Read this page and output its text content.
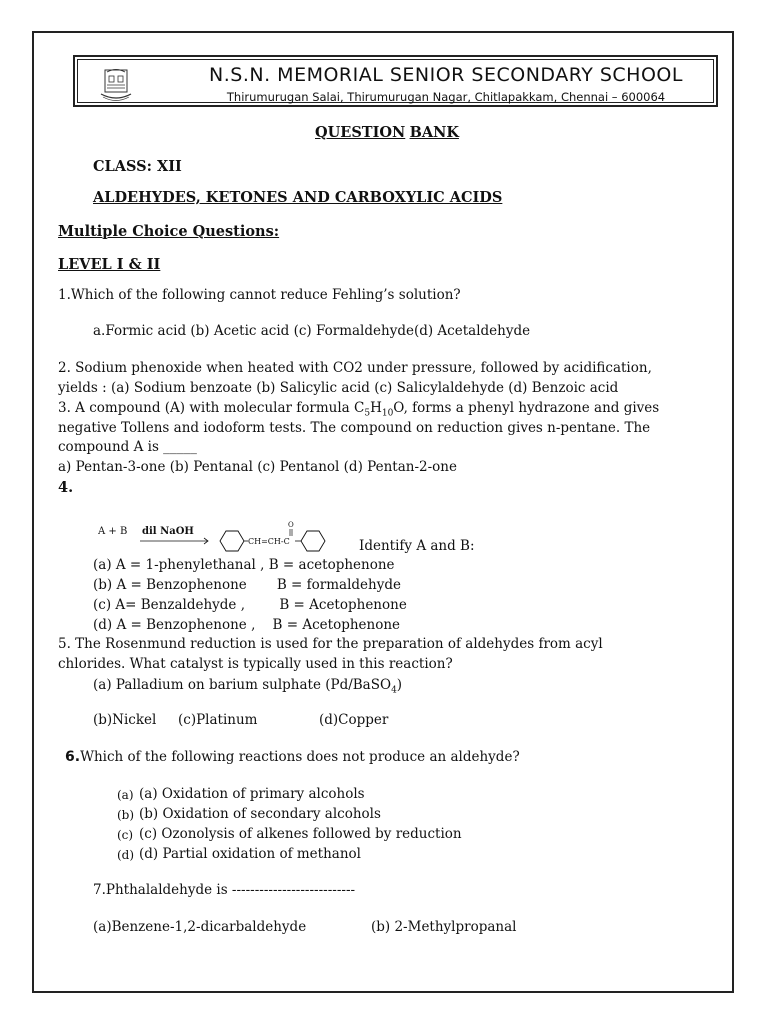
N.S.N. MEMORIAL SENIOR SECONDARY SCHOOL
Thirumurugan Salai, Thirumurugan Nagar, Chitlapakkam, Chennai – 600064
QUESTION BANK
CLASS: XII
ALDEHYDES, KETONES AND CARBOXYLIC ACIDS
Multiple Choice Questions:
LEVEL I & II
1.Which of the following cannot reduce Fehling’s solution?
a.Formic acid (b) Acetic acid (c) Formaldehyde(d) Acetaldehyde
2. Sodium phenoxide when heated with CO2 under pressure, followed by acidification,
yields : (a) Sodium benzoate (b) Salicylic acid (c) Salicylaldehyde (d) Benzoic acid
3. A compound (A) with molecular formula $C_5H_{10}O$, forms a phenyl hydrazone and gives
negative Tollens and iodoform tests. The compound on reduction gives n-pentane. The
compound A is _____
a) Pentan-3-one (b) Pentanal (c) Pentanol (d) Pentan-2-one
4.
A + B dil NaOH
CH=CH-C
O
Identify A and B:
(a) A = 1-phenylethanal , B = acetophenone
(b) A = Benzophenone       B = formaldehyde
(c) A= Benzaldehyde ,        B = Acetophenone
(d) A = Benzophenone ,    B = Acetophenone
5. The Rosenmund reduction is used for the preparation of aldehydes from acyl
chlorides. What catalyst is typically used in this reaction?
(a) Palladium on barium sulphate (Pd/BaSO$_4$)
(b)Nickel (c)Platinum	(d)Copper
6.Which of the following reactions does not produce an aldehyde?
(a) (a) Oxidation of primary alcohols
(b) (b) Oxidation of secondary alcohols
(c) (c) Ozonolysis of alkenes followed by reduction
(d) (d) Partial oxidation of methanol
7.Phthalaldehyde is ---------------------------
(a)Benzene-1,2-dicarbaldehyde	(b) 2-Methylpropanal
